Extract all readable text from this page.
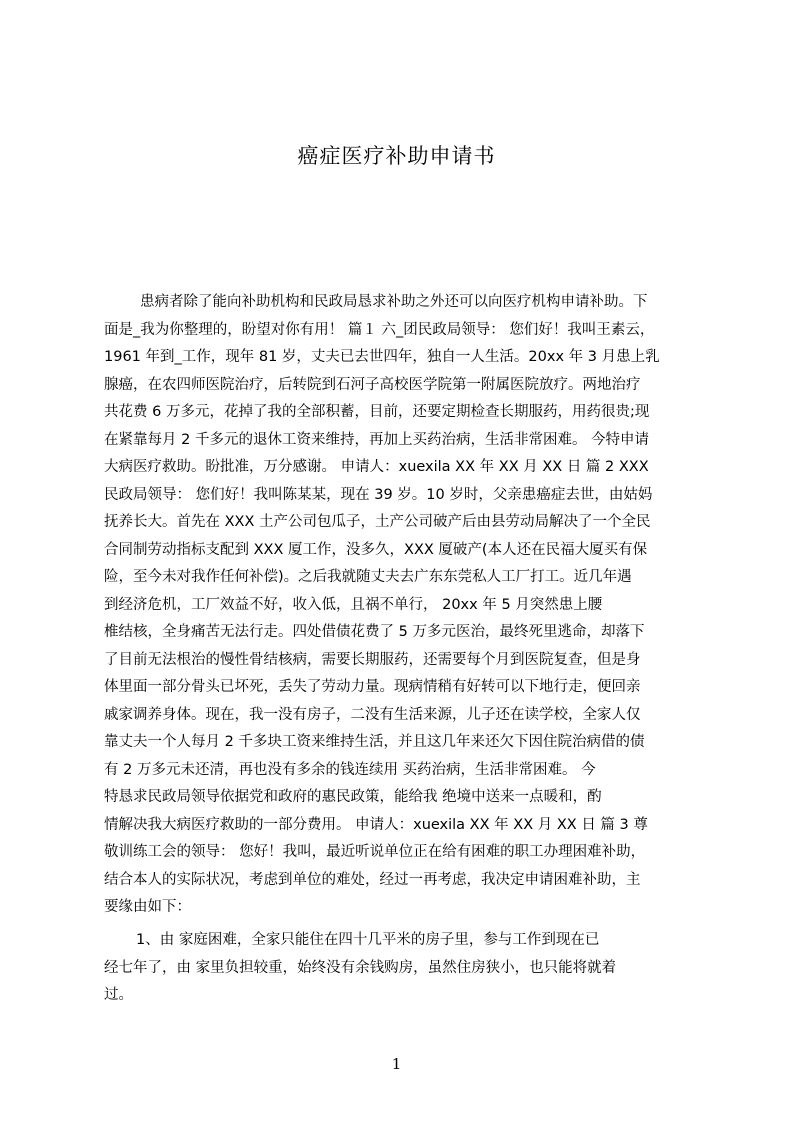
癌症医疗补助申请书
患病者除了能向补助机构和民政局恳求补助之外还可以向医疗机构申请补助。下
面是_我为你整理的，盼望对你有用！ 篇１ 六_团民政局领导： 您们好！我叫王素云，
1961 年到_工作，现年 81 岁，丈夫已去世四年，独自一人生活。20xx 年 3 月患上乳
腺癌，在农四师医院治疗，后转院到石河子高校医学院第一附属医院放疗。两地治疗
共花费 6 万多元，花掉了我的全部积蓄，目前，还要定期检查长期服药，用药很贵;现
在紧靠每月 2 千多元的退休工资来维持，再加上买药治病，生活非常困难。 今特申请
大病医疗救助。盼批准，万分感谢。 申请人：xuexila XX 年 XX 月 XX 日 篇 2 XXX
民政局领导： 您们好！我叫陈某某，现在 39 岁。10 岁时，父亲患癌症去世，由姑妈
抚养长大。首先在 XXX 土产公司包瓜子，土产公司破产后由县劳动局解决了一个全民
合同制劳动指标支配到 XXX 厦工作，没多久，XXX 厦破产(本人还在民福大厦买有保
险，至今未对我作任何补偿)。之后我就随丈夫去广东东莞私人工厂打工。近几年遇
到经济危机，工厂效益不好，收入低，且祸不单行， 20xx 年 5 月突然患上腰
椎结核，全身痛苦无法行走。四处借债花费了 5 万多元医治，最终死里逃命，却落下
了目前无法根治的慢性骨结核病，需要长期服药，还需要每个月到医院复查，但是身
体里面一部分骨头已坏死，丢失了劳动力量。现病情稍有好转可以下地行走，便回亲
戚家调养身体。现在，我一没有房子，二没有生活来源，儿子还在读学校，全家人仅
靠丈夫一个人每月 2 千多块工资来维持生活，并且这几年来还欠下因住院治病借的债
有 2 万多元未还清，再也没有多余的钱连续用 买药治病，生活非常困难。 今
特恳求民政局领导依据党和政府的惠民政策，能给我 绝境中送来一点暖和，酌
情解决我大病医疗救助的一部分费用。 申请人：xuexila XX 年 XX 月 XX 日 篇 3 尊
敬训练工会的领导： 您好！我叫，最近听说单位正在给有困难的职工办理困难补助，
结合本人的实际状况，考虑到单位的难处，经过一再考虑，我决定申请困难补助，主
要缘由如下：
1、由 家庭困难，全家只能住在四十几平米的房子里，参与工作到现在已
经七年了，由 家里负担较重，始终没有余钱购房，虽然住房狭小，也只能将就着
过。
1
